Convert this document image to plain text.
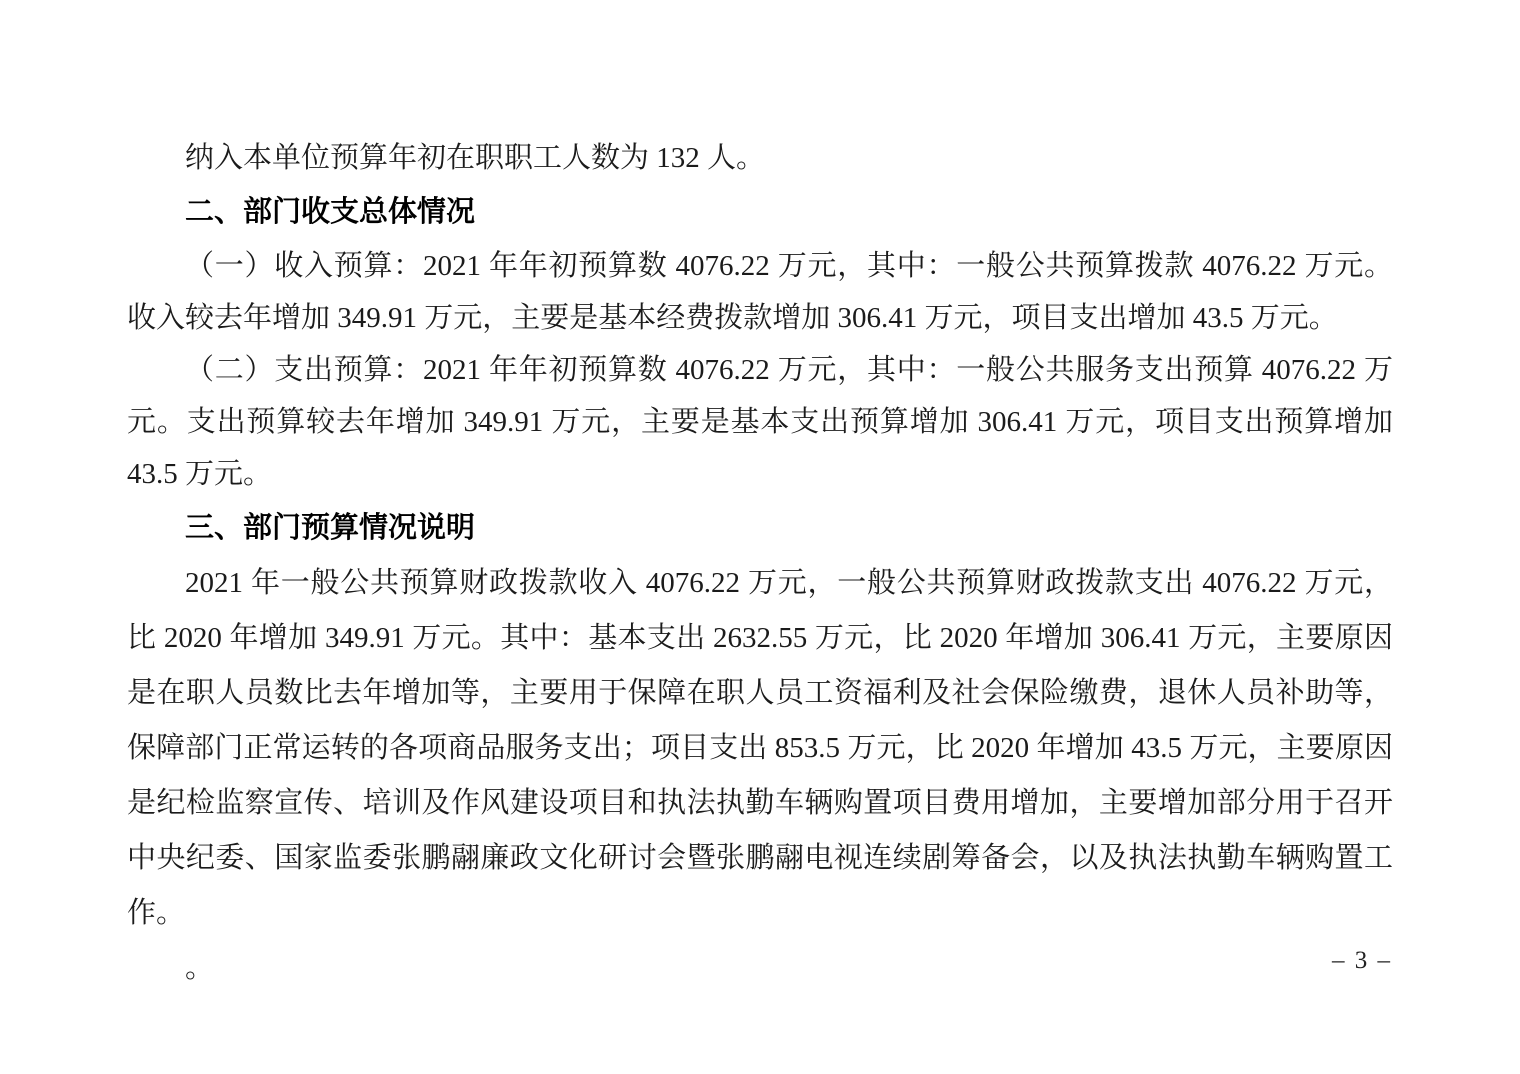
纳入本单位预算年初在职职工人数为 132 人。

二、部门收支总体情况

（一）收入预算：2021 年年初预算数 4076.22 万元，其中：一般公共预算拨款 4076.22 万元。收入较去年增加 349.91 万元，主要是基本经费拨款增加 306.41 万元，项目支出增加 43.5 万元。

（二）支出预算：2021 年年初预算数 4076.22 万元，其中：一般公共服务支出预算 4076.22 万元。支出预算较去年增加 349.91 万元，主要是基本支出预算增加 306.41 万元，项目支出预算增加 43.5 万元。

三、部门预算情况说明

2021 年一般公共预算财政拨款收入 4076.22 万元，一般公共预算财政拨款支出 4076.22 万元，比 2020 年增加 349.91 万元。其中：基本支出 2632.55 万元，比 2020 年增加 306.41 万元，主要原因是在职人员数比去年增加等，主要用于保障在职人员工资福利及社会保险缴费，退休人员补助等，保障部门正常运转的各项商品服务支出；项目支出 853.5 万元，比 2020 年增加 43.5 万元，主要原因是纪检监察宣传、培训及作风建设项目和执法执勤车辆购置项目费用增加，主要增加部分用于召开中央纪委、国家监委张鹏翮廉政文化研讨会暨张鹏翮电视连续剧筹备会，以及执法执勤车辆购置工作。

。	– 3 –
